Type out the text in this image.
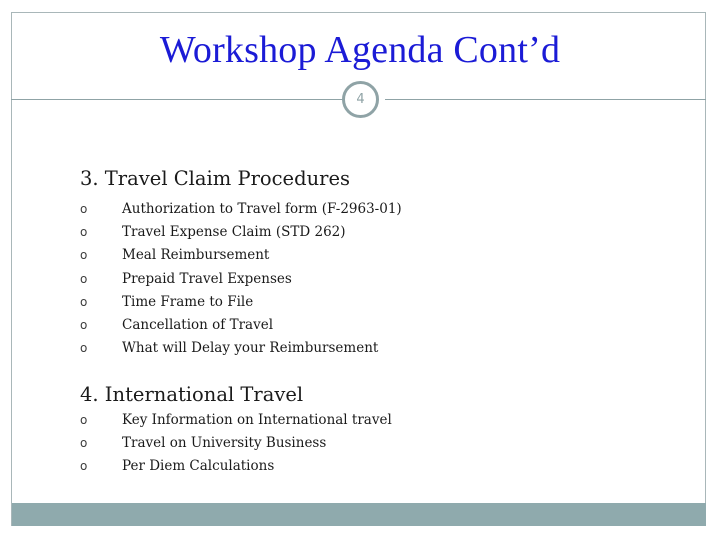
Workshop Agenda Cont’d
4
3. Travel Claim Procedures
o	Authorization to Travel form (F-2963-01)
o	Travel Expense Claim (STD 262)
o	Meal Reimbursement
o	Prepaid Travel Expenses
o	Time Frame to File
o	Cancellation of Travel
o	What will Delay your Reimbursement
4. International Travel
o	Key Information on International travel
o	Travel on University Business
o	Per Diem Calculations
